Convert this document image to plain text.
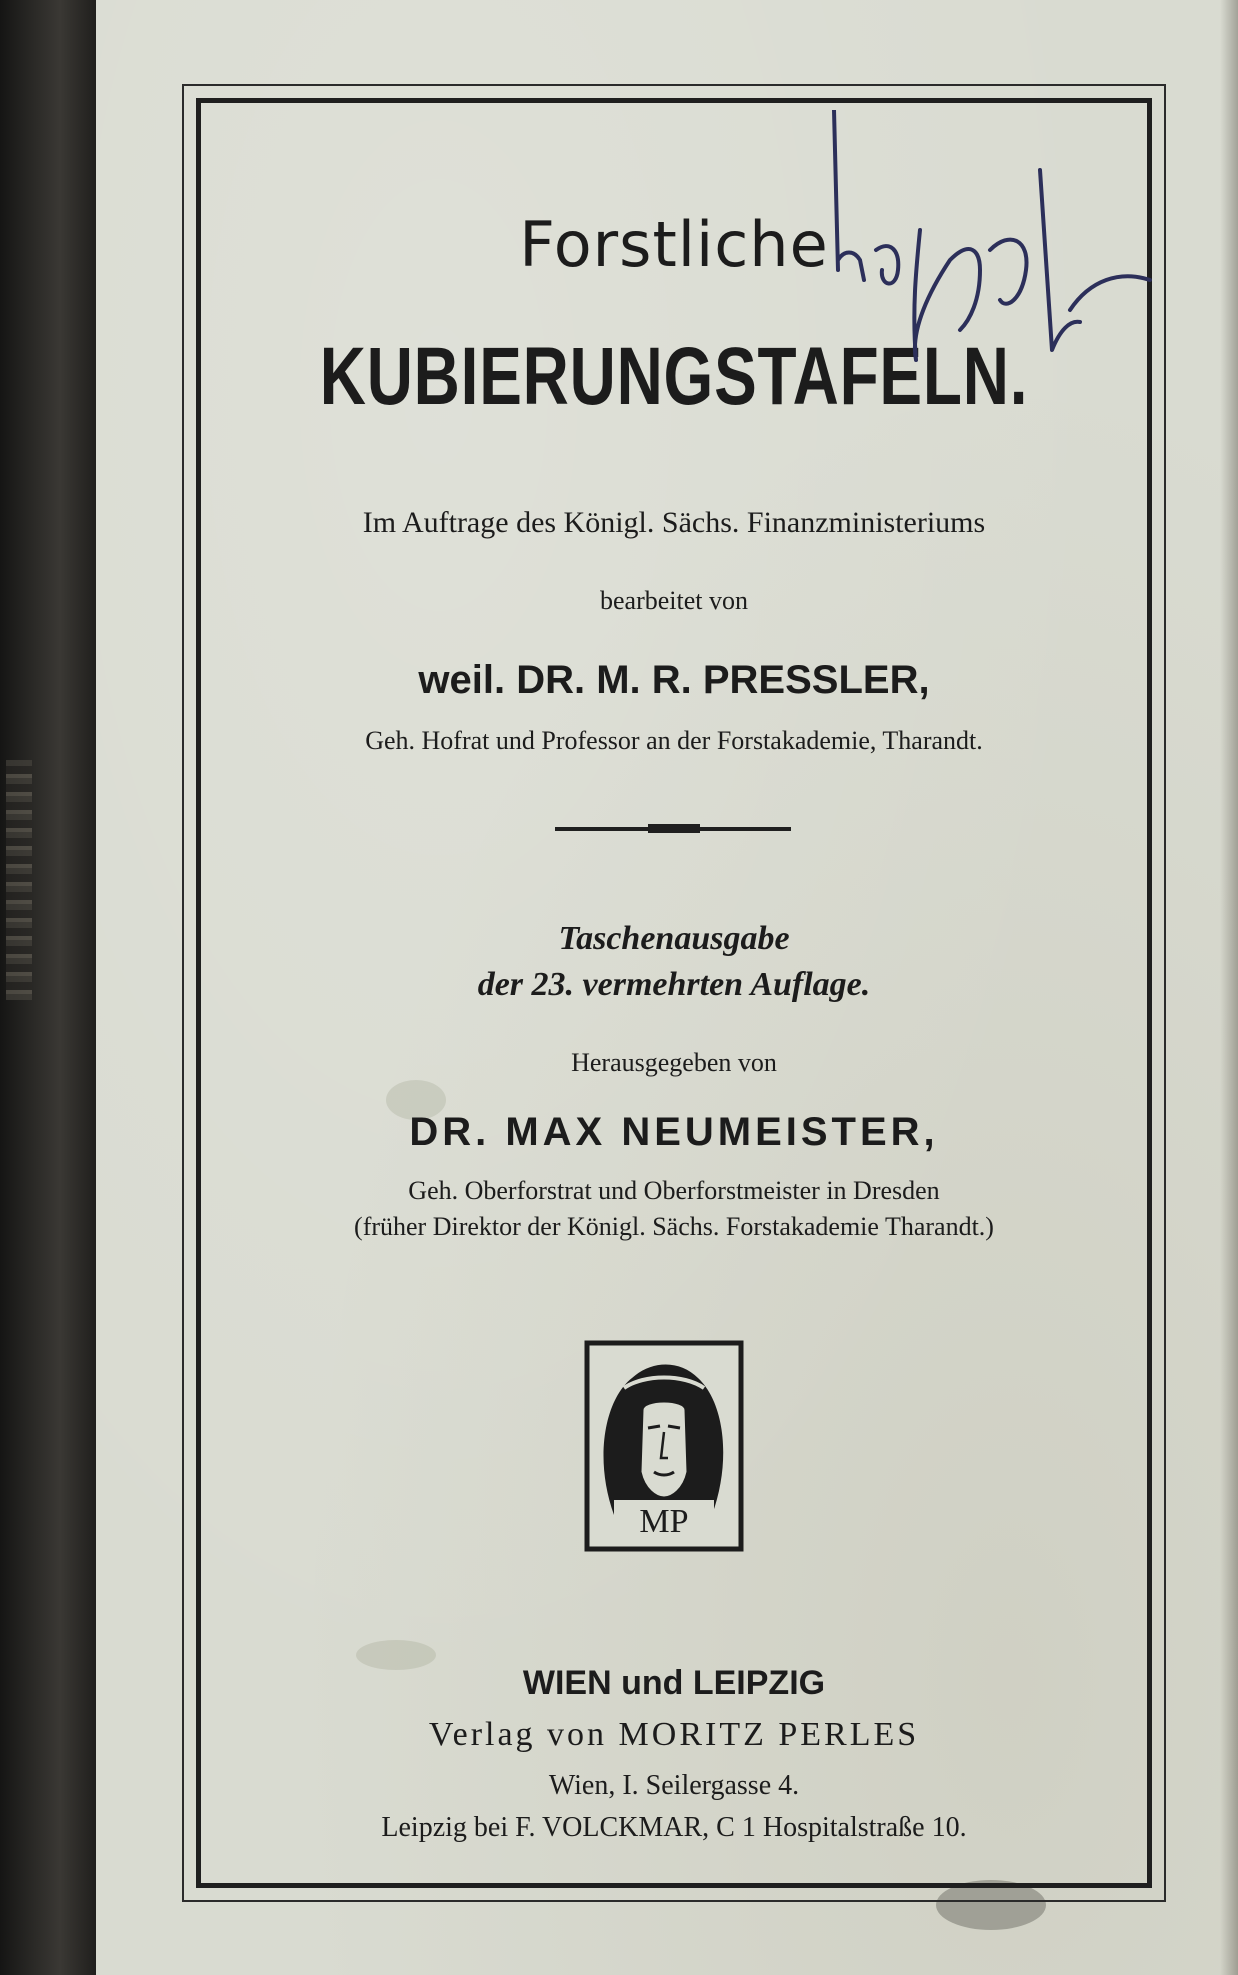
Forstliche
KUBIERUNGSTAFELN.
Im Auftrage des Königl. Sächs. Finanzministeriums
bearbeitet von
weil. DR. M. R. PRESSLER,
Geh. Hofrat und Professor an der Forstakademie, Tharandt.
Taschenausgabe
der 23. vermehrten Auflage.
Herausgegeben von
DR. MAX NEUMEISTER,
Geh. Oberforstrat und Oberforstmeister in Dresden
(früher Direktor der Königl. Sächs. Forstakademie Tharandt.)
MP
WIEN und LEIPZIG
Verlag von MORITZ PERLES
Wien, I. Seilergasse 4.
Leipzig bei F. VOLCKMAR, C 1 Hospitalstraße 10.
